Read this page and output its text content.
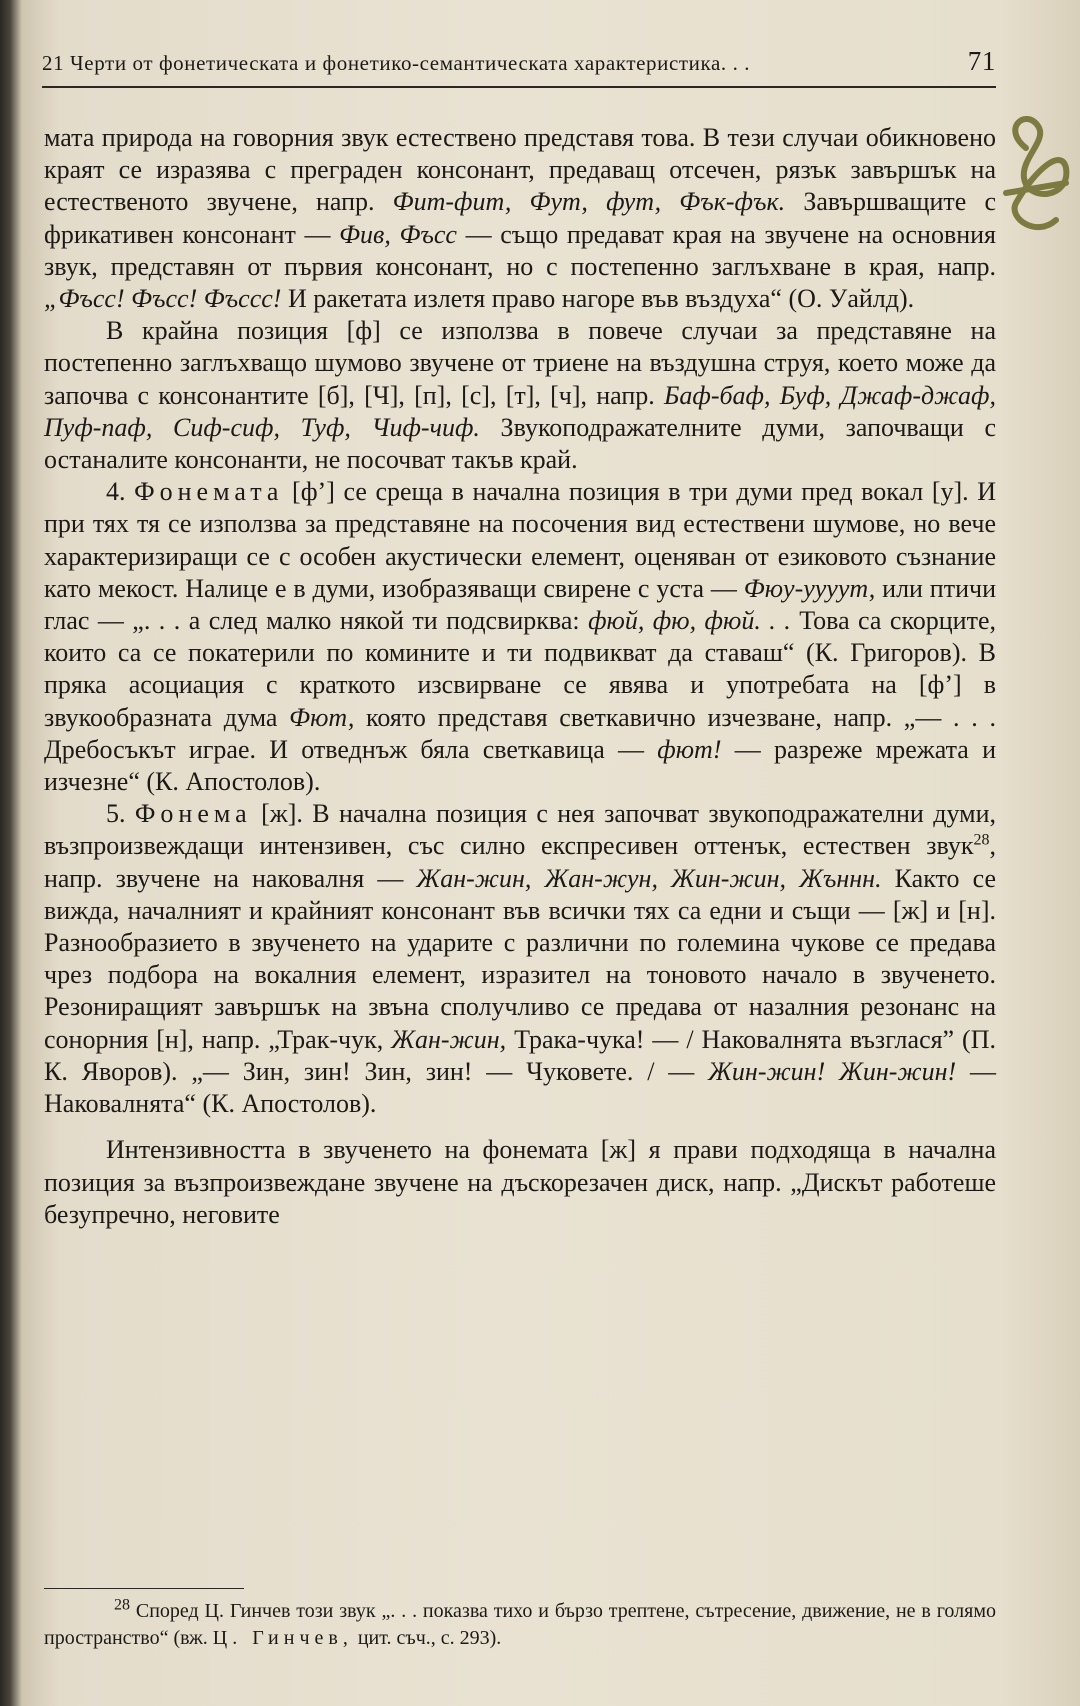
21 Черти от фонетическата и фонетико-семантическата характеристика. . .	71

мата природа на говорния звук естествено представя това. В тези случаи обикновено краят се изразява с преграден консонант, предаващ отсечен, рязък завършък на естественото звучене, напр. Фит-фит, Фут, фут, Фък-фък. Завършващите с фрикативен консонант — Фив, Фъсс — също предават края на звучене на основния звук, представян от първия консонант, но с постепенно заглъхване в края, напр. „Фъсс! Фъсс! Фъссс! И ракетата излетя право нагоре във въздуха“ (О. Уайлд).

В крайна позиция [ф] се използва в повече случаи за представяне на постепенно заглъхващо шумово звучене от триене на въздушна струя, което може да започва с консонантите [б], [Ч], [п], [с], [т], [ч], напр. Баф-баф, Буф, Джаф-джаф, Пуф-паф, Сиф-сиф, Туф, Чиф-чиф. Звукоподражателните думи, започващи с останалите консонанти, не посочват такъв край.

4. Фонемата [ф’] се среща в начална позиция в три думи пред вокал [у]. И при тях тя се използва за представяне на посочения вид естествени шумове, но вече характеризиращи се с особен акустически елемент, оценяван от езиковото съзнание като мекост. Налице е в думи, изобразяващи свирене с уста — Фюу-уууут, или птичи глас — „. . . а след малко някой ти подсвирква: фюй, фю, фюй. . . Това са скорците, които са се покатерили по комините и ти подвикват да ставаш“ (К. Григоров). В пряка асоциация с краткото изсвирване се явява и употребата на [ф’] в звукообразната дума Фют, която представя светкавично изчезване, напр. „— . . . Дребосъкът играе. И отведнъж бяла светкавица — фют! — разреже мрежата и изчезне“ (К. Апостолов).

5. Фонема [ж]. В начална позиция с нея започват звукоподражателни думи, възпроизвеждащи интензивен, със силно експресивен оттенък, естествен звук$^{28}$, напр. звучене на наковалня — Жан-жин, Жан-жун, Жин-жин, Жъннн. Както се вижда, началният и крайният консонант във всички тях са едни и същи — [ж] и [н]. Разнообразието в звученето на ударите с различни по големина чукове се предава чрез подбора на вокалния елемент, изразител на тоновото начало в звученето. Резониращият завършък на звъна сполучливо се предава от назалния резонанс на сонорния [н], напр. „Трак-чук, Жан-жин, Трака-чука! — / Наковалнята възгласяˮ (П. К. Яворов). „— Зин, зин! Зин, зин! — Чуковете. / — Жин-жин! Жин-жин! — Наковалнята“ (К. Апостолов).

Интензивността в звученето на фонемата [ж] я прави подходяща в начална позиция за възпроизвеждане звучене на дъскорезачен диск, напр. „Дискът работеше безупречно, неговите

$^{28}$ Според Ц. Гинчев този звук „. . . показва тихо и бързо трептене, сътресение, движение, не в голямо пространство“ (вж. Ц. Гинчев, цит. съч., с. 293).
